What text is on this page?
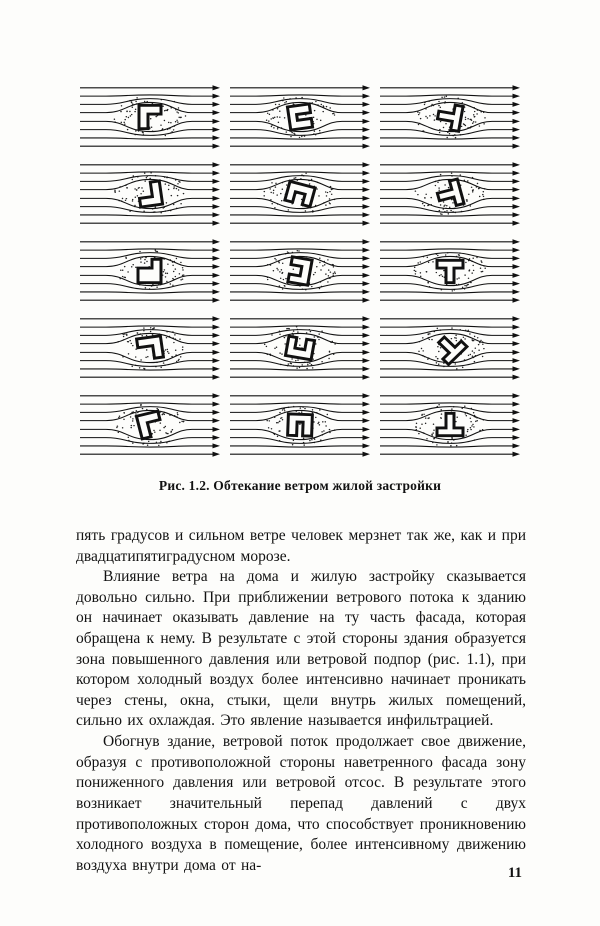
Рис. 1.2. Обтекание ветром жилой застройки

пять градусов и сильном ветре человек мерзнет так же, как и при двадцатипятиградусном морозе.

Влияние ветра на дома и жилую застройку сказывается довольно сильно. При приближении ветрового потока к зданию он начинает оказывать давление на ту часть фасада, которая обращена к нему. В результате с этой стороны здания образуется зона повышенного давления или ветровой подпор (рис. 1.1), при котором холодный воздух более интенсивно начинает проникать через стены, окна, стыки, щели внутрь жилых помещений, сильно их охлаждая. Это явление называется инфильтрацией.

Обогнув здание, ветровой поток продолжает свое движение, образуя с противоположной стороны наветренного фасада зону пониженного давления или ветровой отсос. В результате этого возникает значительный перепад давлений с двух противоположных сторон дома, что способствует проникновению холодного воздуха в помещение, более интенсивному движению воздуха внутри дома от на-	11
